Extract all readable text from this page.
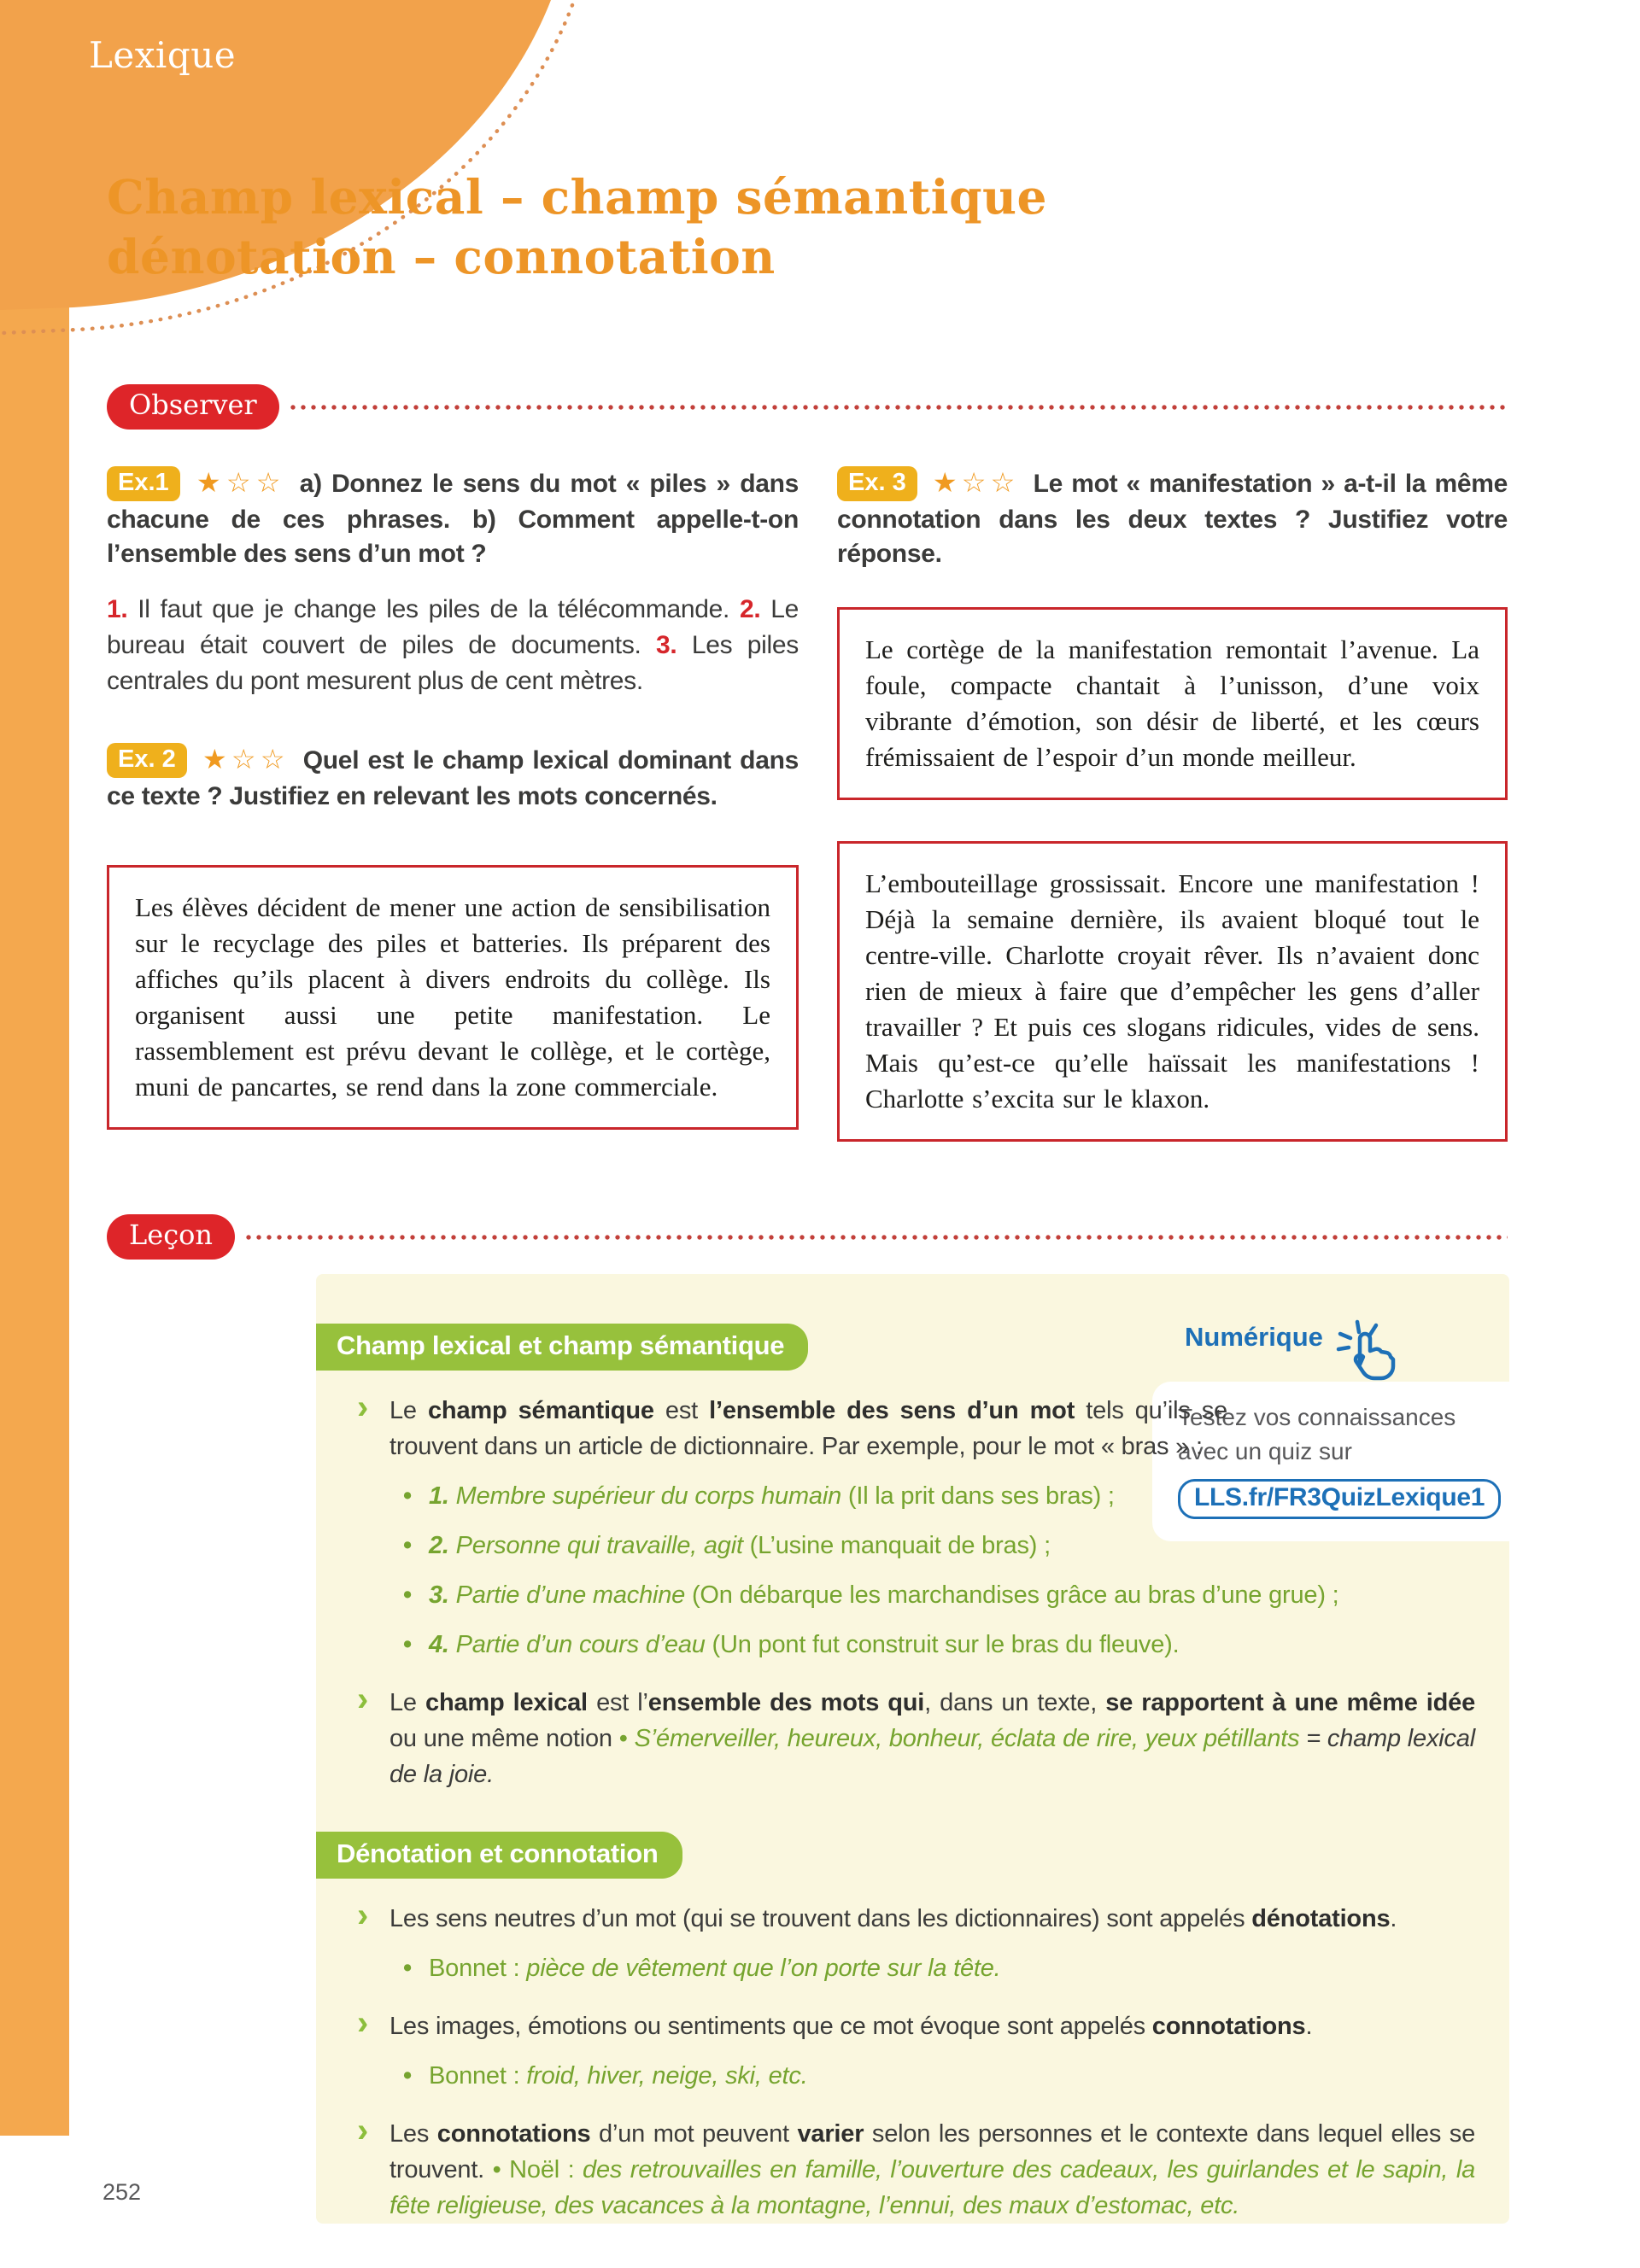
Lexique
Champ lexical – champ sémantique
dénotation – connotation
Observer
Ex.1 ★☆☆ a) Donnez le sens du mot « piles » dans chacune de ces phrases. b) Comment appelle-t-on l’ensemble des sens d’un mot ?
1. Il faut que je change les piles de la télécommande. 2. Le bureau était couvert de piles de documents. 3. Les piles centrales du pont mesurent plus de cent mètres.
Ex. 2 ★☆☆ Quel est le champ lexical dominant dans ce texte ? Justifiez en relevant les mots concernés.
Les élèves décident de mener une action de sensibilisation sur le recyclage des piles et batteries. Ils préparent des affiches qu’ils placent à divers endroits du collège. Ils organisent aussi une petite manifestation. Le rassemblement est prévu devant le collège, et le cortège, muni de pancartes, se rend dans la zone commerciale.
Ex. 3 ★☆☆ Le mot « manifestation » a-t-il la même connotation dans les deux textes ? Justifiez votre réponse.
Le cortège de la manifestation remontait l’avenue. La foule, compacte chantait à l’unisson, d’une voix vibrante d’émotion, son désir de liberté, et les cœurs frémissaient de l’espoir d’un monde meilleur.
L’embouteillage grossissait. Encore une manifestation ! Déjà la semaine dernière, ils avaient bloqué tout le centre-ville. Charlotte croyait rêver. Ils n’avaient donc rien de mieux à faire que d’empêcher les gens d’aller travailler ? Et puis ces slogans ridicules, vides de sens. Mais qu’est-ce qu’elle haïssait les manifestations ! Charlotte s’excita sur le klaxon.
Leçon
Numérique
Testez vos connaissances
avec un quiz sur
LLS.fr/FR3QuizLexique1
Champ lexical et champ sémantique
› Le champ sémantique est l’ensemble des sens d’un mot tels qu’ils se trouvent dans un article de dictionnaire. Par exemple, pour le mot « bras » :
• 1. Membre supérieur du corps humain (Il la prit dans ses bras) ;
• 2. Personne qui travaille, agit (L’usine manquait de bras) ;
• 3. Partie d’une machine (On débarque les marchandises grâce au bras d’une grue) ;
• 4. Partie d’un cours d’eau (Un pont fut construit sur le bras du fleuve).
› Le champ lexical est l’ensemble des mots qui, dans un texte, se rapportent à une même idée ou une même notion • S’émerveiller, heureux, bonheur, éclata de rire, yeux pétillants = champ lexical de la joie.
Dénotation et connotation
› Les sens neutres d’un mot (qui se trouvent dans les dictionnaires) sont appelés dénotations.
• Bonnet : pièce de vêtement que l’on porte sur la tête.
› Les images, émotions ou sentiments que ce mot évoque sont appelés connotations.
• Bonnet : froid, hiver, neige, ski, etc.
› Les connotations d’un mot peuvent varier selon les personnes et le contexte dans lequel elles se trouvent. • Noël : des retrouvailles en famille, l’ouverture des cadeaux, les guirlandes et le sapin, la fête religieuse, des vacances à la montagne, l’ennui, des maux d’estomac, etc.
252
